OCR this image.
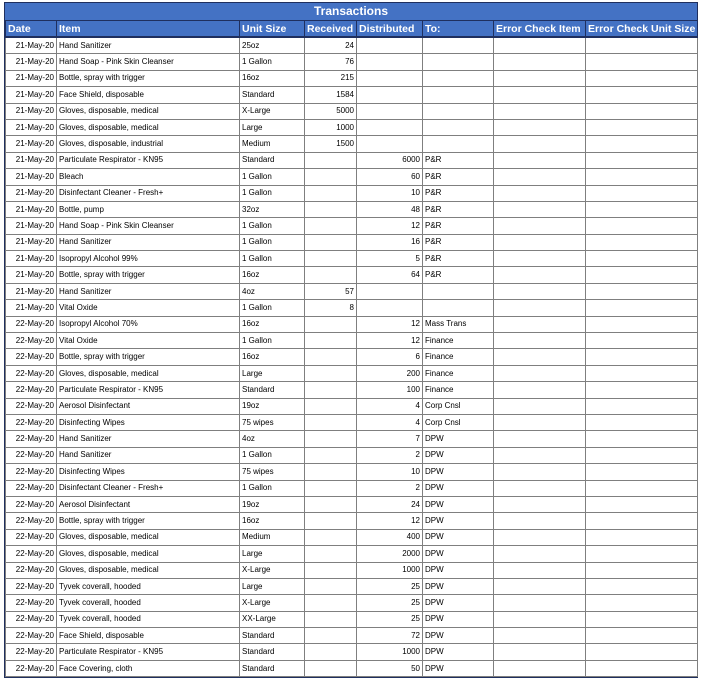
Transactions
Date	Item	Unit Size	Received	Distributed	To:	Error Check Item	Error Check Unit Size
21-May-20	Hand Sanitizer	25oz	24				
21-May-20	Hand Soap - Pink Skin Cleanser	1 Gallon	76				
21-May-20	Bottle, spray with trigger	16oz	215				
21-May-20	Face Shield, disposable	Standard	1584				
21-May-20	Gloves, disposable, medical	X-Large	5000				
21-May-20	Gloves, disposable, medical	Large	1000				
21-May-20	Gloves, disposable, industrial	Medium	1500				
21-May-20	Particulate Respirator - KN95	Standard		6000	P&R		
21-May-20	Bleach	1 Gallon		60	P&R		
21-May-20	Disinfectant Cleaner - Fresh+	1 Gallon		10	P&R		
21-May-20	Bottle, pump	32oz		48	P&R		
21-May-20	Hand Soap - Pink Skin Cleanser	1 Gallon		12	P&R		
21-May-20	Hand Sanitizer	1 Gallon		16	P&R		
21-May-20	Isopropyl Alcohol 99%	1 Gallon		5	P&R		
21-May-20	Bottle, spray with trigger	16oz		64	P&R		
21-May-20	Hand Sanitizer	4oz	57				
21-May-20	Vital Oxide	1 Gallon	8				
22-May-20	Isopropyl Alcohol 70%	16oz		12	Mass Trans		
22-May-20	Vital Oxide	1 Gallon		12	Finance		
22-May-20	Bottle, spray with trigger	16oz		6	Finance		
22-May-20	Gloves, disposable, medical	Large		200	Finance		
22-May-20	Particulate Respirator - KN95	Standard		100	Finance		
22-May-20	Aerosol Disinfectant	19oz		4	Corp Cnsl		
22-May-20	Disinfecting Wipes	75 wipes		4	Corp Cnsl		
22-May-20	Hand Sanitizer	4oz		7	DPW		
22-May-20	Hand Sanitizer	1 Gallon		2	DPW		
22-May-20	Disinfecting Wipes	75 wipes		10	DPW		
22-May-20	Disinfectant Cleaner - Fresh+	1 Gallon		2	DPW		
22-May-20	Aerosol Disinfectant	19oz		24	DPW		
22-May-20	Bottle, spray with trigger	16oz		12	DPW		
22-May-20	Gloves, disposable, medical	Medium		400	DPW		
22-May-20	Gloves, disposable, medical	Large		2000	DPW		
22-May-20	Gloves, disposable, medical	X-Large		1000	DPW		
22-May-20	Tyvek coverall, hooded	Large		25	DPW		
22-May-20	Tyvek coverall, hooded	X-Large		25	DPW		
22-May-20	Tyvek coverall, hooded	XX-Large		25	DPW		
22-May-20	Face Shield, disposable	Standard		72	DPW		
22-May-20	Particulate Respirator - KN95	Standard		1000	DPW		
22-May-20	Face Covering, cloth	Standard		50	DPW		
